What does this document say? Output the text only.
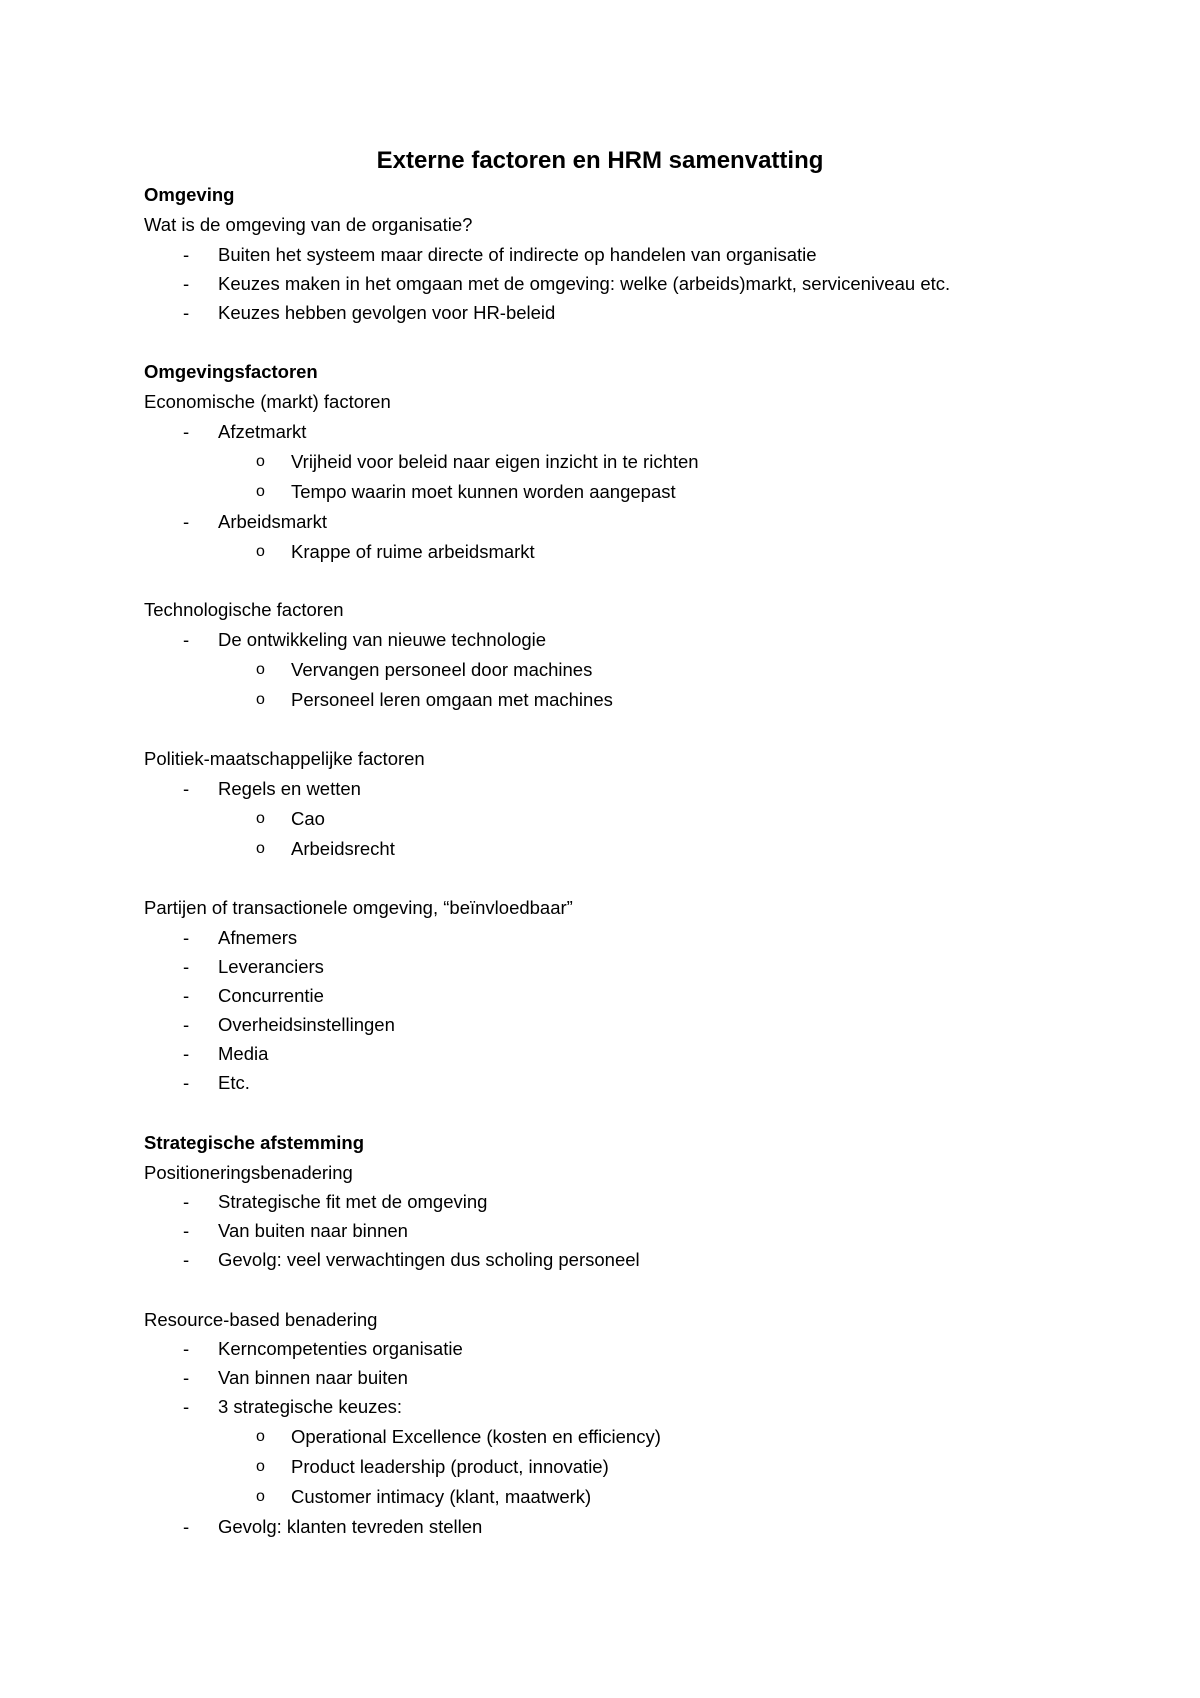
Externe factoren en HRM samenvatting
Omgeving
Wat is de omgeving van de organisatie?
- Buiten het systeem maar directe of indirecte op handelen van organisatie
- Keuzes maken in het omgaan met de omgeving: welke (arbeids)markt, serviceniveau etc.
- Keuzes hebben gevolgen voor HR-beleid
Omgevingsfactoren
Economische (markt) factoren
- Afzetmarkt
o Vrijheid voor beleid naar eigen inzicht in te richten
o Tempo waarin moet kunnen worden aangepast
- Arbeidsmarkt
o Krappe of ruime arbeidsmarkt
Technologische factoren
- De ontwikkeling van nieuwe technologie
o Vervangen personeel door machines
o Personeel leren omgaan met machines
Politiek-maatschappelijke factoren
- Regels en wetten
o Cao
o Arbeidsrecht
Partijen of transactionele omgeving, “beïnvloedbaar”
- Afnemers
- Leveranciers
- Concurrentie
- Overheidsinstellingen
- Media
- Etc.
Strategische afstemming
Positioneringsbenadering
- Strategische fit met de omgeving
- Van buiten naar binnen
- Gevolg: veel verwachtingen dus scholing personeel
Resource-based benadering
- Kerncompetenties organisatie
- Van binnen naar buiten
- 3 strategische keuzes:
o Operational Excellence (kosten en efficiency)
o Product leadership (product, innovatie)
o Customer intimacy (klant, maatwerk)
- Gevolg: klanten tevreden stellen
